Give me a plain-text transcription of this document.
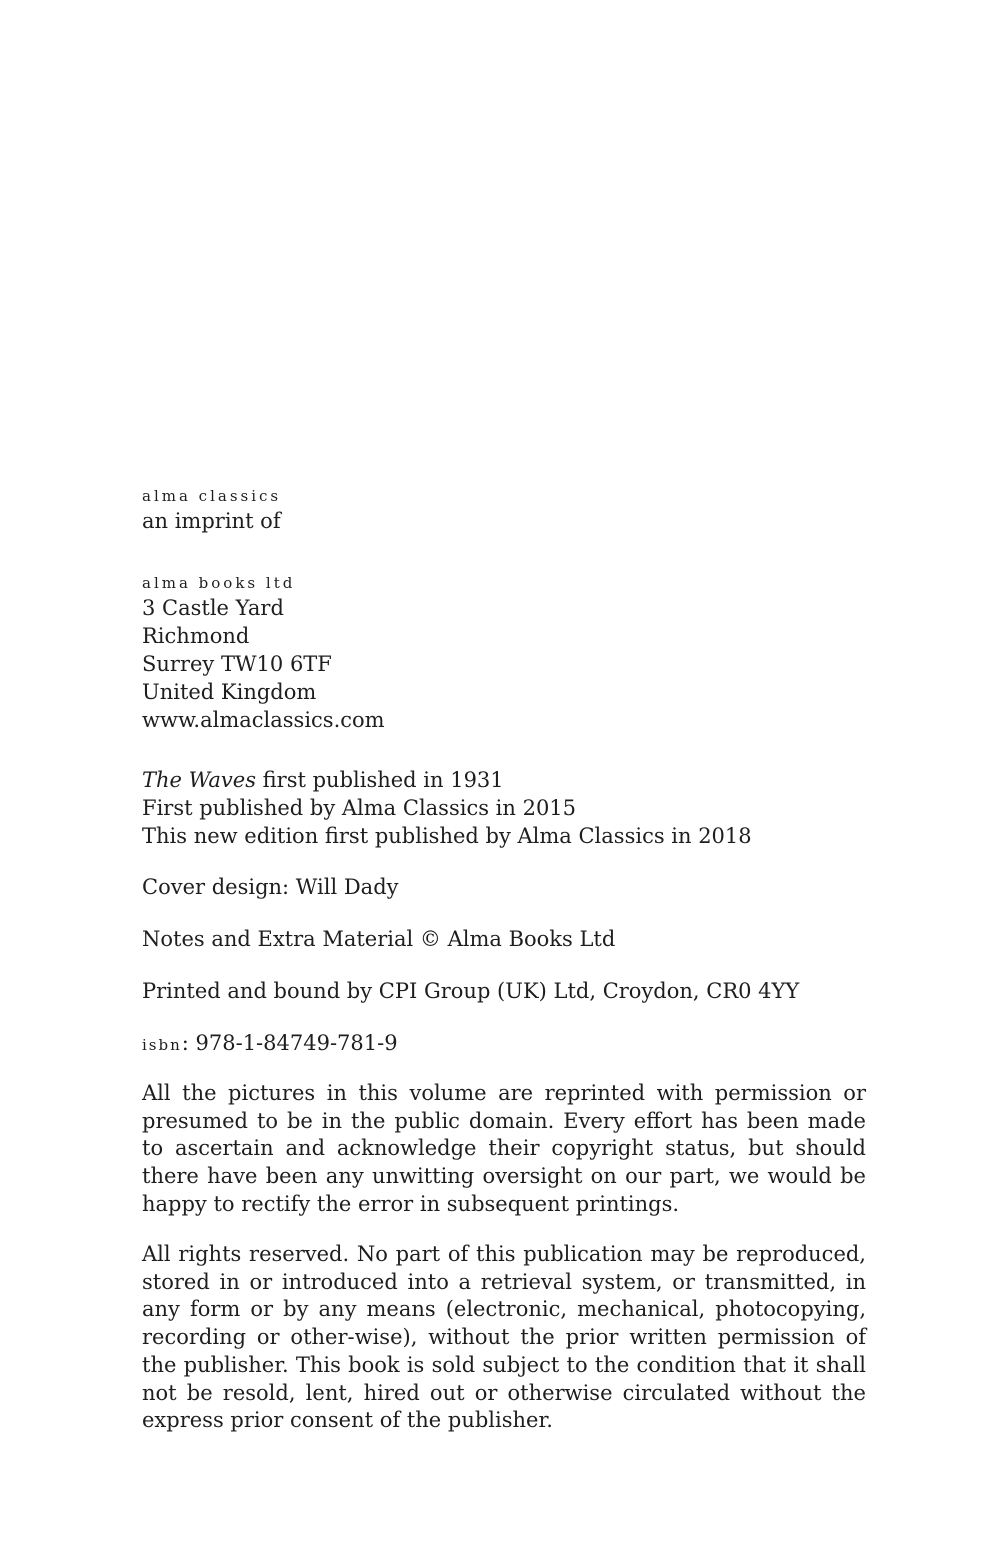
alma classics
an imprint of
alma books ltd
3 Castle Yard
Richmond
Surrey TW10 6TF
United Kingdom
www.almaclassics.com
The Waves first published in 1931
First published by Alma Classics in 2015
This new edition first published by Alma Classics in 2018
Cover design: Will Dady
Notes and Extra Material © Alma Books Ltd
Printed and bound by CPI Group (UK) Ltd, Croydon, CR0 4YY
isbn: 978-1-84749-781-9
All the pictures in this volume are reprinted with permission or presumed to be in the public domain. Every effort has been made to ascertain and acknowledge their copyright status, but should there have been any unwitting oversight on our part, we would be happy to rectify the error in subsequent printings.
All rights reserved. No part of this publication may be reproduced, stored in or introduced into a retrieval system, or transmitted, in any form or by any means (electronic, mechanical, photocopying, recording or other-wise), without the prior written permission of the publisher. This book is sold subject to the condition that it shall not be resold, lent, hired out or otherwise circulated without the express prior consent of the publisher.
